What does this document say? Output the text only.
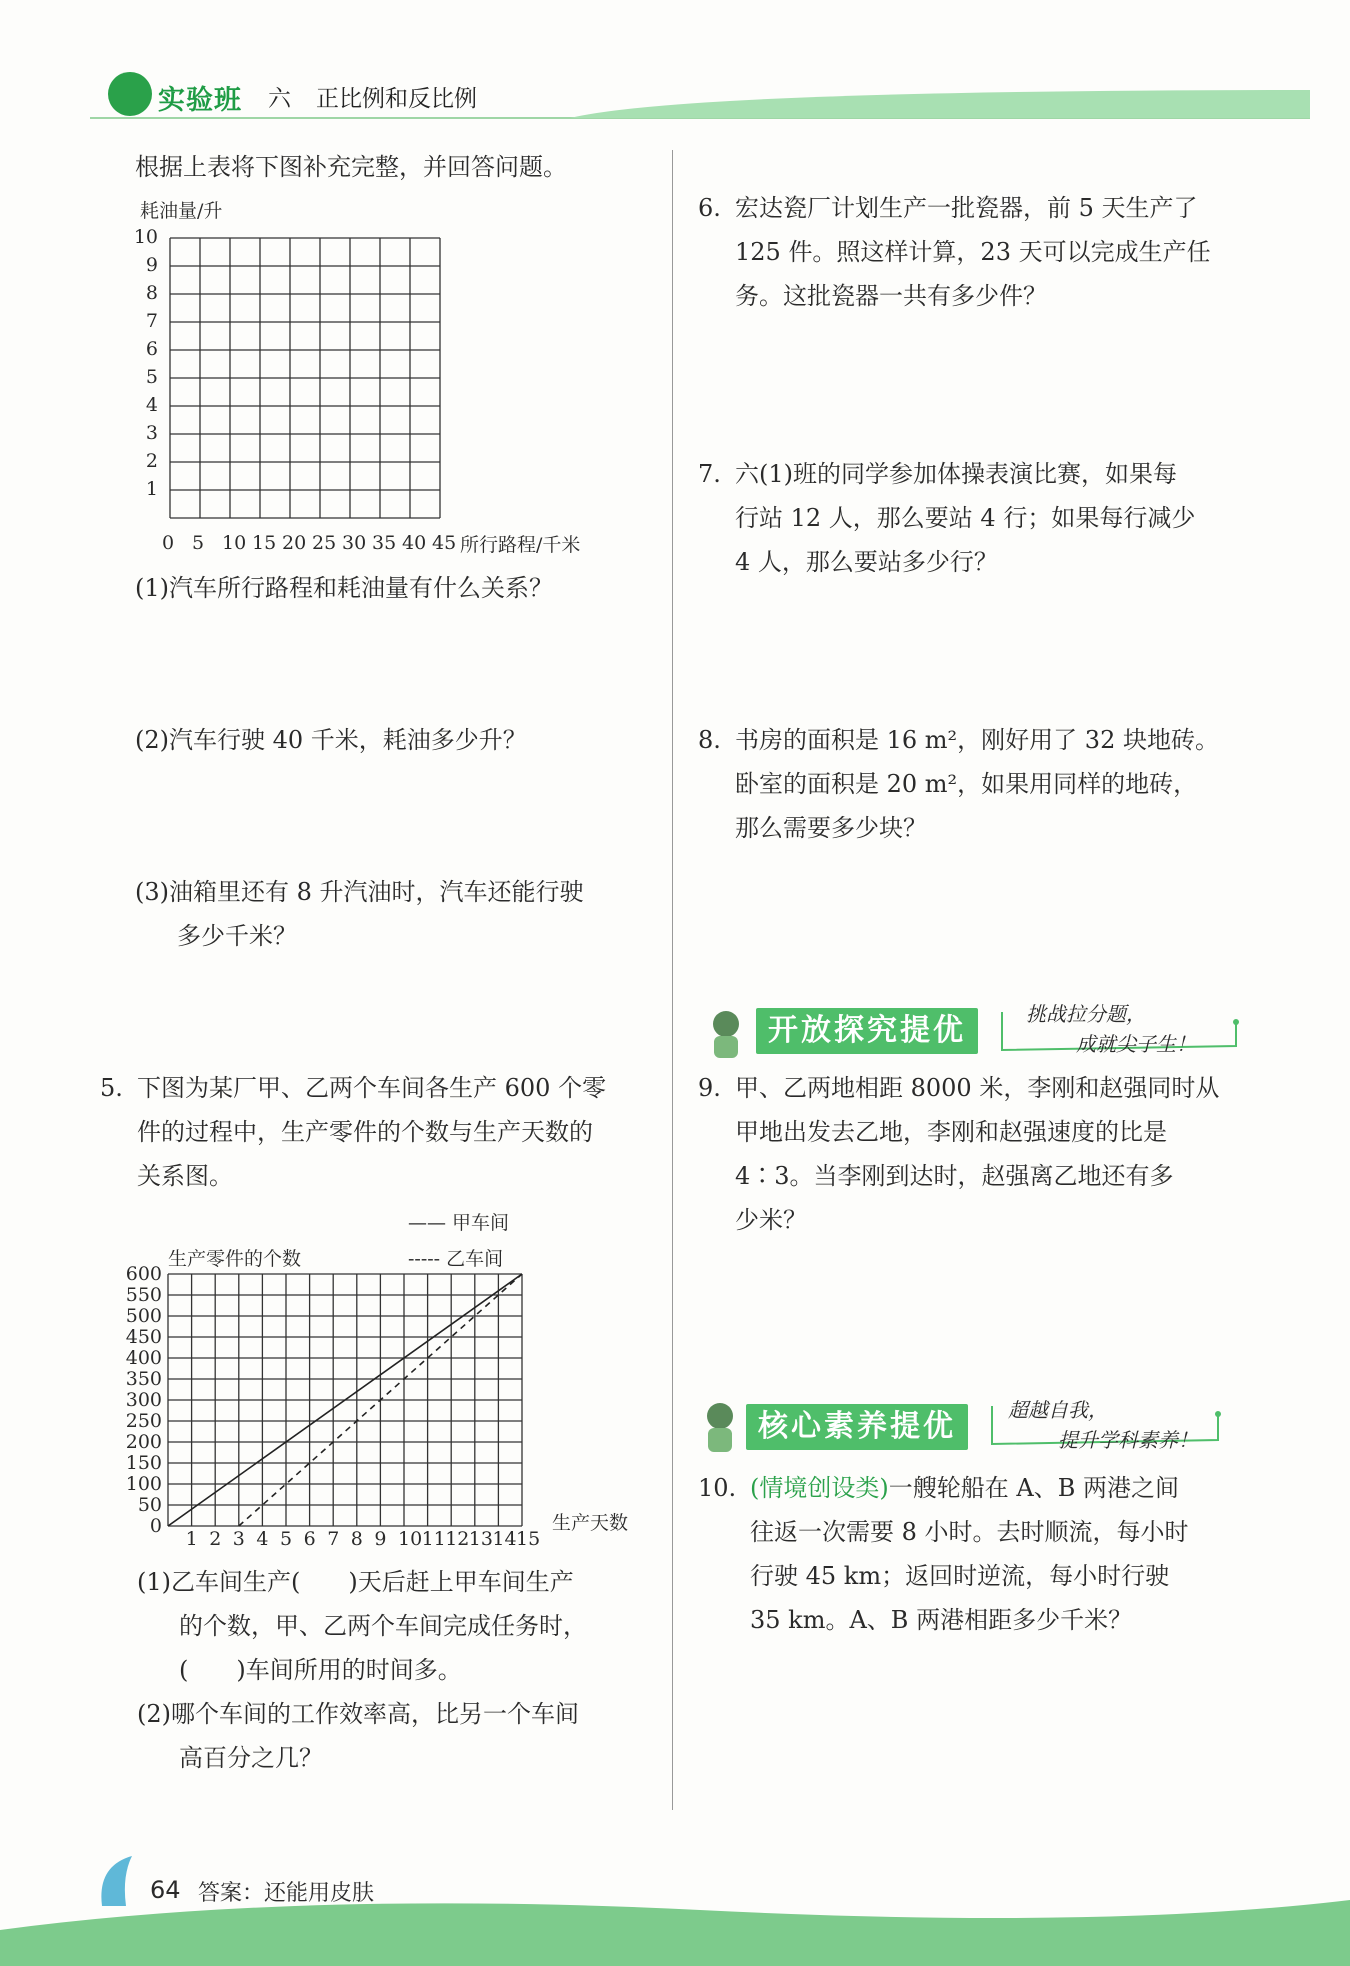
实验班 六 正比例和反比例
根据上表将下图补充完整，并回答问题。
耗油量/升
10
9
8
7
6
5
4
3
2
1
0 5 10 15 20 25 30 35 40 45 所行路程/千米
(1)汽车所行路程和耗油量有什么关系？
(2)汽车行驶 40 千米，耗油多少升？
(3)油箱里还有 8 升汽油时，汽车还能行驶
多少千米？
5. 下图为某厂甲、乙两个车间各生产 600 个零
件的过程中，生产零件的个数与生产天数的
关系图。
—— 甲车间
----- 乙车间
生产零件的个数
600
550
500
450
400
350
300
250
200
150
100
50
0
1 2 3 4 5 6 7 8 9 10 11 12 13 14 15
生产天数
(1)乙车间生产(　　)天后赶上甲车间生产
的个数，甲、乙两个车间完成任务时，
(　　)车间所用的时间多。
(2)哪个车间的工作效率高，比另一个车间
高百分之几？
6. 宏达瓷厂计划生产一批瓷器，前 5 天生产了
125 件。照这样计算，23 天可以完成生产任
务。这批瓷器一共有多少件？
7. 六(1)班的同学参加体操表演比赛，如果每
行站 12 人，那么要站 4 行；如果每行减少
4 人，那么要站多少行？
8. 书房的面积是 16 m²，刚好用了 32 块地砖。
卧室的面积是 20 m²，如果用同样的地砖，
那么需要多少块？
开放探究提优	挑战拉分题，
成就尖子生！
9. 甲、乙两地相距 8000 米，李刚和赵强同时从
甲地出发去乙地，李刚和赵强速度的比是
4∶3。当李刚到达时，赵强离乙地还有多
少米？
核心素养提优	超越自我，
提升学科素养！
10. (情境创设类)一艘轮船在 A、B 两港之间
往返一次需要 8 小时。去时顺流，每小时
行驶 45 km；返回时逆流，每小时行驶
35 km。A、B 两港相距多少千米？
64 答案：还能用皮肤
